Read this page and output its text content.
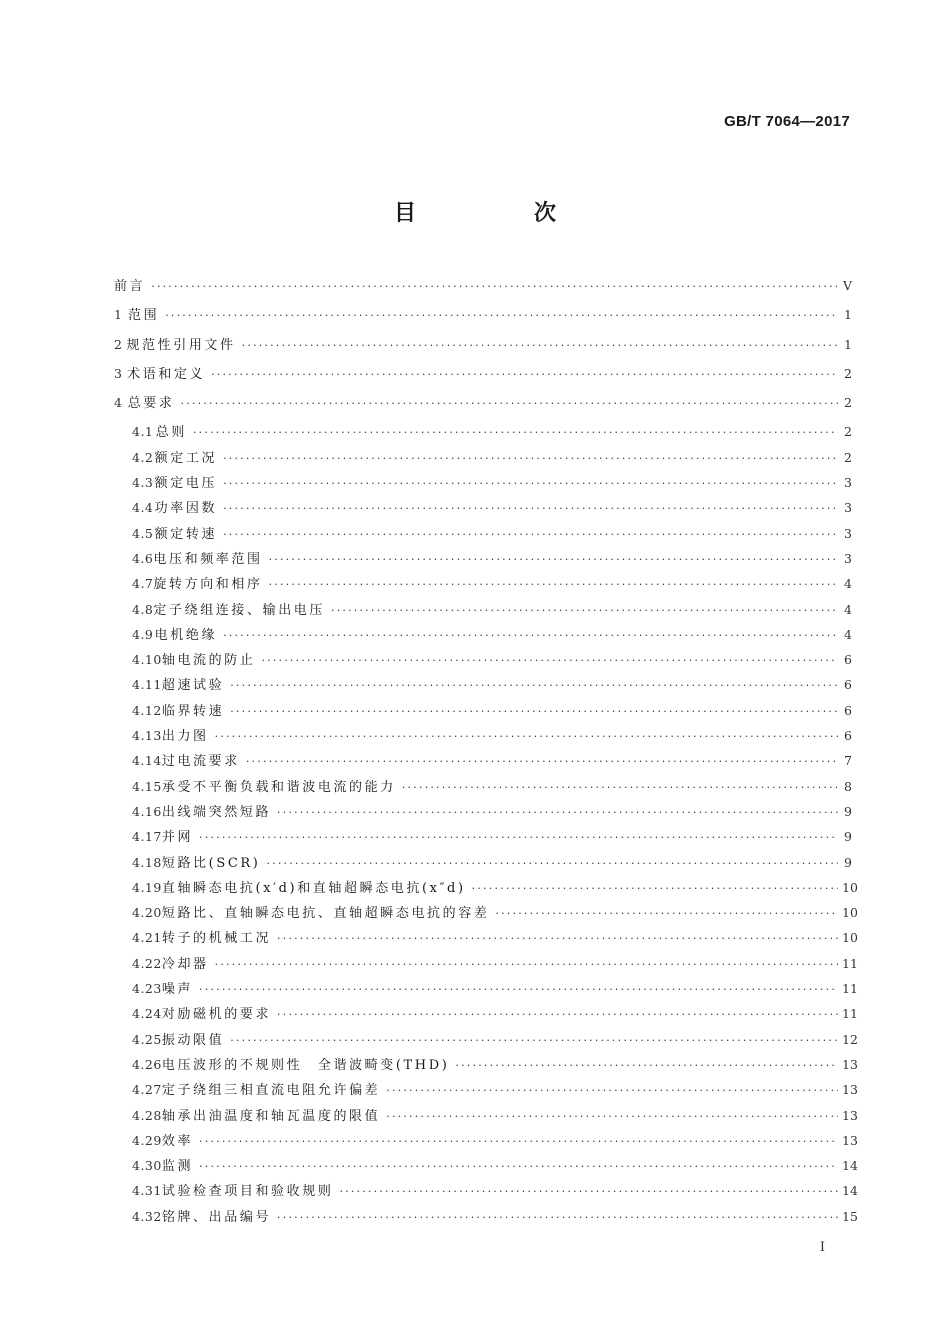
GB/T 7064—2017
目　次
前言 ·····	V
1 范围 ·····	1
2 规范性引用文件 ·····	1
3 术语和定义 ·····	2
4 总要求 ·····	2
4.1 总则 ·····	2
4.2 额定工况 ·····	2
4.3 额定电压 ·····	3
4.4 功率因数 ·····	3
4.5 额定转速 ·····	3
4.6 电压和频率范围 ·····	3
4.7 旋转方向和相序 ·····	4
4.8 定子绕组连接、输出电压 ·····	4
4.9 电机绝缘 ·····	4
4.10 轴电流的防止 ·····	6
4.11 超速试验 ·····	6
4.12 临界转速 ·····	6
4.13 出力图 ·····	6
4.14 过电流要求 ·····	7
4.15 承受不平衡负载和谐波电流的能力 ·····	8
4.16 出线端突然短路 ·····	9
4.17 并网 ·····	9
4.18 短路比(SCR) ·····	9
4.19 直轴瞬态电抗(x′d)和直轴超瞬态电抗(x″d) ·····	10
4.20 短路比、直轴瞬态电抗、直轴超瞬态电抗的容差 ·····	10
4.21 转子的机械工况 ·····	10
4.22 冷却器 ·····	11
4.23 噪声 ·····	11
4.24 对励磁机的要求 ·····	11
4.25 振动限值 ·····	12
4.26 电压波形的不规则性　全谐波畸变(THD) ·····	13
4.27 定子绕组三相直流电阻允许偏差 ·····	13
4.28 轴承出油温度和轴瓦温度的限值 ·····	13
4.29 效率 ·····	13
4.30 监测 ·····	14
4.31 试验检查项目和验收规则 ·····	14
4.32 铭牌、出品编号 ·····	15
I
